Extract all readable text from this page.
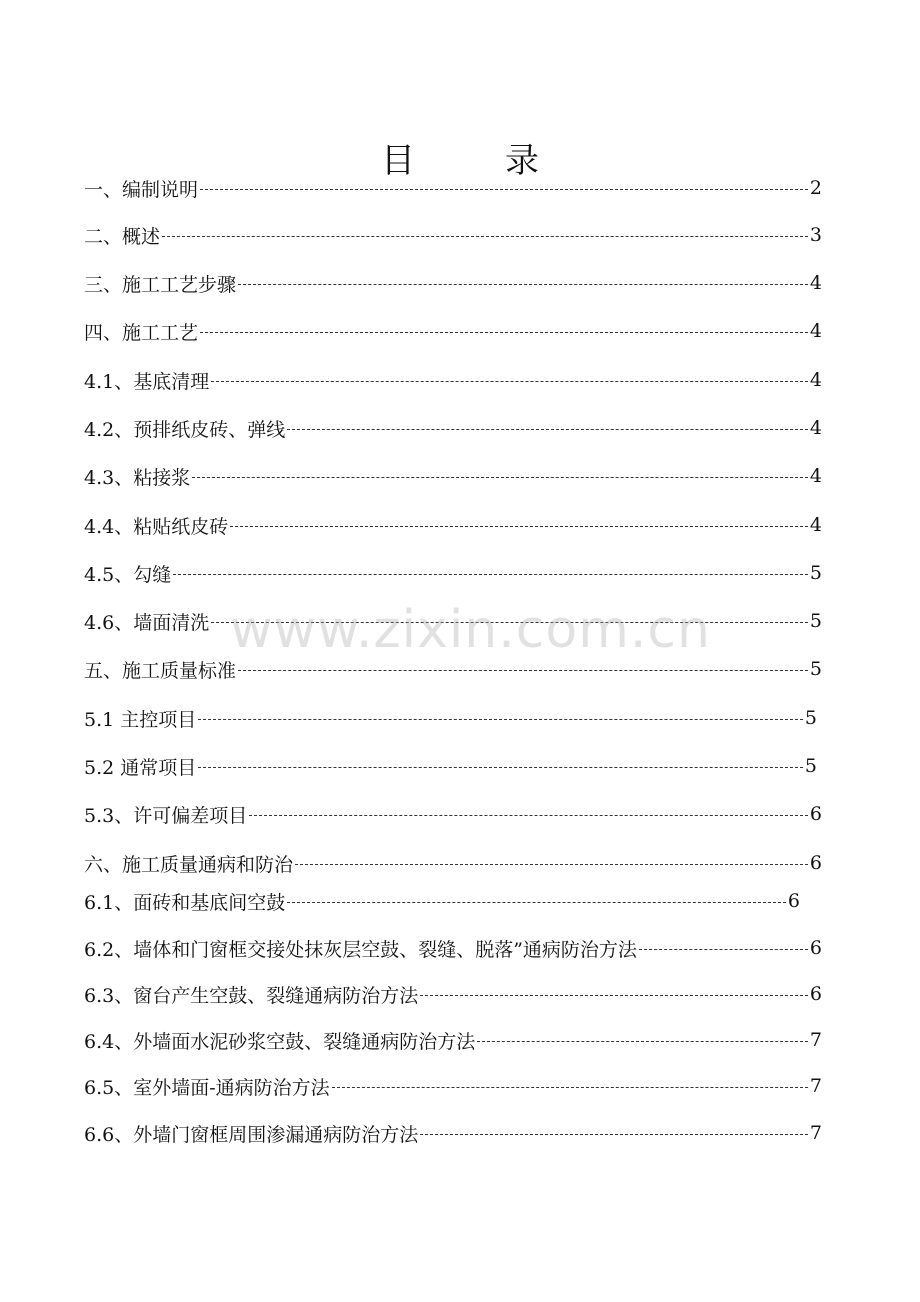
目	录
一、编制说明	2
二、概述	3
三、施工工艺步骤	4
四、施工工艺	4
4.1、基底清理	4
4.2、预排纸皮砖、弹线	4
4.3、粘接浆	4
4.4、粘贴纸皮砖	4
4.5、勾缝	5
4.6、墙面清洗	5
五、施工质量标准	5
5.1 主控项目	5
5.2 通常项目	5
5.3、许可偏差项目	6
六、施工质量通病和防治	6
6.1、面砖和基底间空鼓	6
6.2、墙体和门窗框交接处抹灰层空鼓、裂缝、脱落”通病防治方法	6
6.3、窗台产生空鼓、裂缝通病防治方法	6
6.4、外墙面水泥砂浆空鼓、裂缝通病防治方法	7
6.5、室外墙面-通病防治方法	7
6.6、外墙门窗框周围渗漏通病防治方法	7
www.zixin.com.cn
